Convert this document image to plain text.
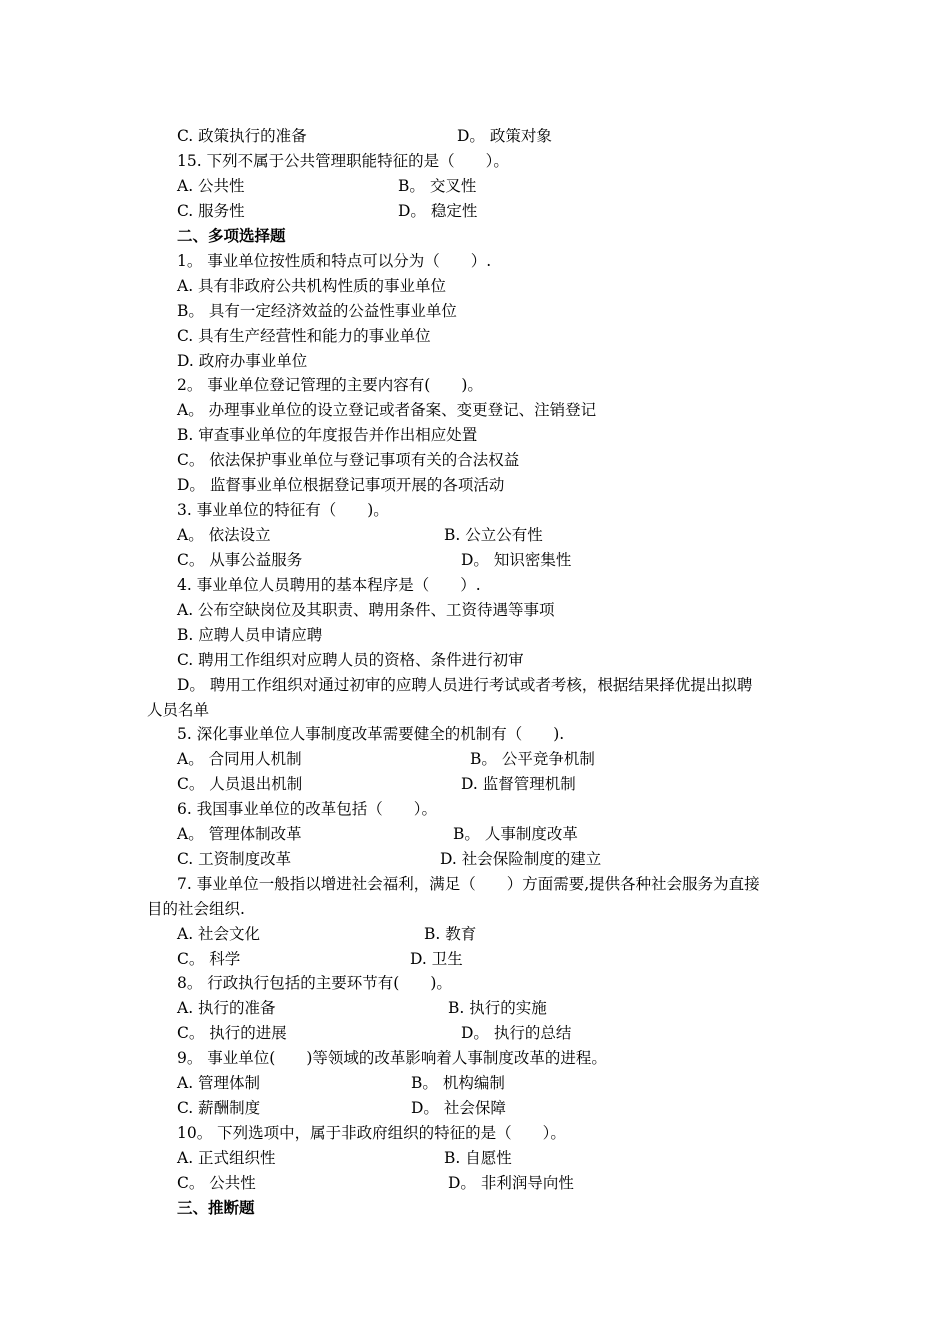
C. 政策执行的准备	D。 政策对象
15. 下列不属于公共管理职能特征的是（　　）。
A. 公共性	B。 交叉性
C. 服务性	D。 稳定性
二、多项选择题
1。 事业单位按性质和特点可以分为（　　）.
A. 具有非政府公共机构性质的事业单位
B。 具有一定经济效益的公益性事业单位
C. 具有生产经营性和能力的事业单位
D. 政府办事业单位
2。 事业单位登记管理的主要内容有(　　)。
A。 办理事业单位的设立登记或者备案、变更登记、注销登记
B. 审查事业单位的年度报告并作出相应处置
C。 依法保护事业单位与登记事项有关的合法权益
D。 监督事业单位根据登记事项开展的各项活动
3. 事业单位的特征有（　　)。
A。 依法设立	B. 公立公有性
C。 从事公益服务	D。 知识密集性
4. 事业单位人员聘用的基本程序是（　　）.
A. 公布空缺岗位及其职责、聘用条件、工资待遇等事项
B. 应聘人员申请应聘
C. 聘用工作组织对应聘人员的资格、条件进行初审
D。 聘用工作组织对通过初审的应聘人员进行考试或者考核，根据结果择优提出拟聘
人员名单
5. 深化事业单位人事制度改革需要健全的机制有（　　).
A。 合同用人机制	B。 公平竞争机制
C。 人员退出机制	D. 监督管理机制
6. 我国事业单位的改革包括（　　）。
A。 管理体制改革	B。 人事制度改革
C. 工资制度改革	D. 社会保险制度的建立
7. 事业单位一般指以增进社会福利，满足（　　）方面需要,提供各种社会服务为直接
目的社会组织.
A. 社会文化	B. 教育
C。 科学	D. 卫生
8。 行政执行包括的主要环节有(　　)。
A. 执行的准备	B. 执行的实施
C。 执行的进展	D。 执行的总结
9。 事业单位(　　)等领域的改革影响着人事制度改革的进程。
A. 管理体制	B。 机构编制
C. 薪酬制度	D。 社会保障
10。 下列选项中，属于非政府组织的特征的是（　　）。
A. 正式组织性	B. 自愿性
C。 公共性	D。 非利润导向性
三、推断题
